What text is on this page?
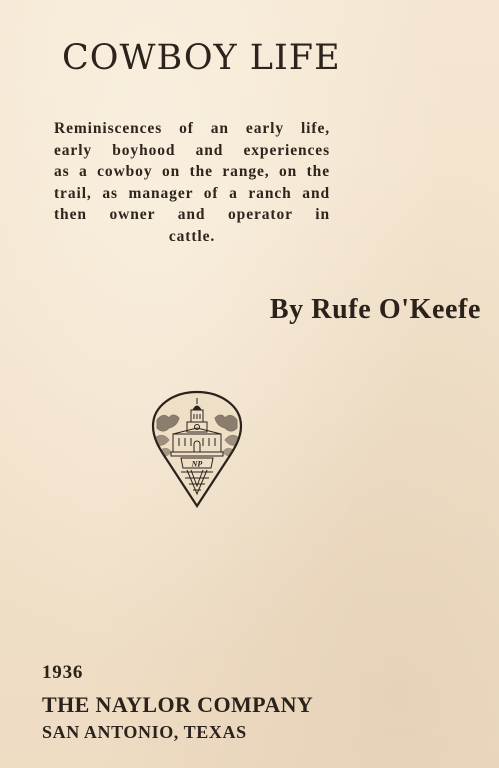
COWBOY LIFE
Reminiscences of an early life,
early boyhood and experiences
as a cowboy on the range, on the
trail, as manager of a ranch and
then owner and operator in
cattle.
By Rufe O'Keefe
NP
1936
THE NAYLOR COMPANY
SAN ANTONIO, TEXAS
